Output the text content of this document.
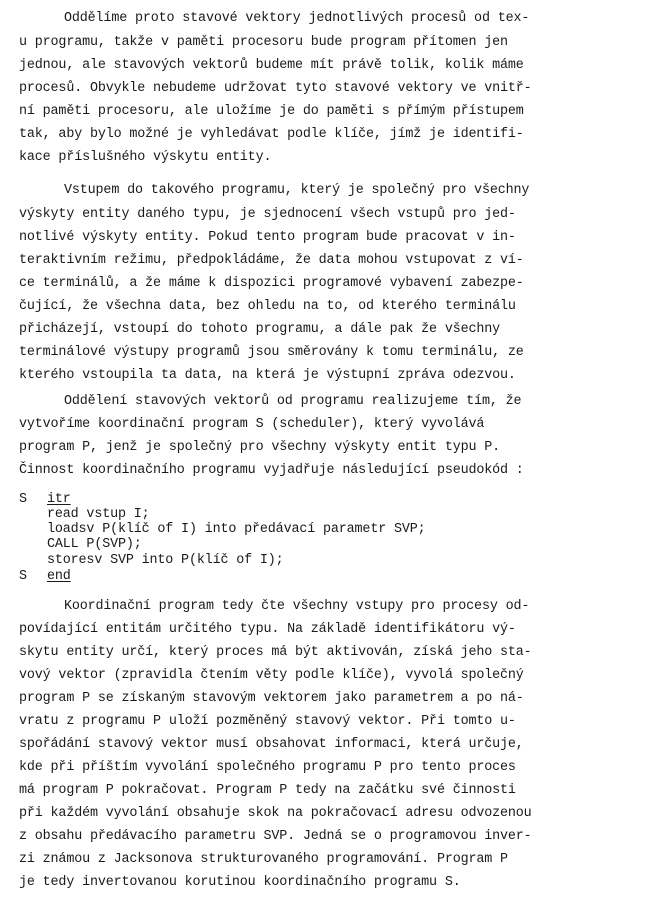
Oddělíme proto stavové vektory jednotlivých procesů od tex-
u programu, takže v paměti procesoru bude program přítomen jen
jednou, ale stavových vektorů budeme mít právě tolik, kolik máme
procesů. Obvykle nebudeme udržovat tyto stavové vektory ve vnitř-
ní paměti procesoru, ale uložíme je do paměti s přímým přístupem
tak, aby bylo možné je vyhledávat podle klíče, jímž je identifi-
kace příslušného výskytu entity.
Vstupem do takového programu, který je společný pro všechny
výskyty entity daného typu, je sjednocení všech vstupů pro jed-
notlivé výskyty entity. Pokud tento program bude pracovat v in-
teraktivním režimu, předpokládáme, že data mohou vstupovat z ví-
ce terminálů, a že máme k dispozici programové vybavení zabezpe-
čující, že všechna data, bez ohledu na to, od kterého terminálu
přicházejí, vstoupí do tohoto programu, a dále pak že všechny
terminálové výstupy programů jsou směrovány k tomu terminálu, ze
kterého vstoupila ta data, na která je výstupní zpráva odezvou.
Oddělení stavových vektorů od programu realizujeme tím, že
vytvoříme koordinační program S (scheduler), který vyvolává
program P, jenž je společný pro všechny výskyty entit typu P.
Činnost koordinačního programu vyjadřuje následující pseudokód :
S itr
read vstup I;
loadsv P(klíč of I) into předávací parametr SVP;
CALL P(SVP);
storesv SVP into P(klíč of I);
S end
Koordinační program tedy čte všechny vstupy pro procesy od-
povídající entitám určitého typu. Na základě identifikátoru vý-
skytu entity určí, který proces má být aktivován, získá jeho sta-
vový vektor (zpravidla čtením věty podle klíče), vyvolá společný
program P se získaným stavovým vektorem jako parametrem a po ná-
vratu z programu P uloží pozměněný stavový vektor. Při tomto u-
spořádání stavový vektor musí obsahovat informaci, která určuje,
kde při příštím vyvolání společného programu P pro tento proces
má program P pokračovat. Program P tedy na začátku své činnosti
při každém vyvolání obsahuje skok na pokračovací adresu odvozenou
z obsahu předávacího parametru SVP. Jedná se o programovou inver-
zi známou z Jacksonova strukturovaného programování. Program P
je tedy invertovanou korutinou koordinačního programu S.
